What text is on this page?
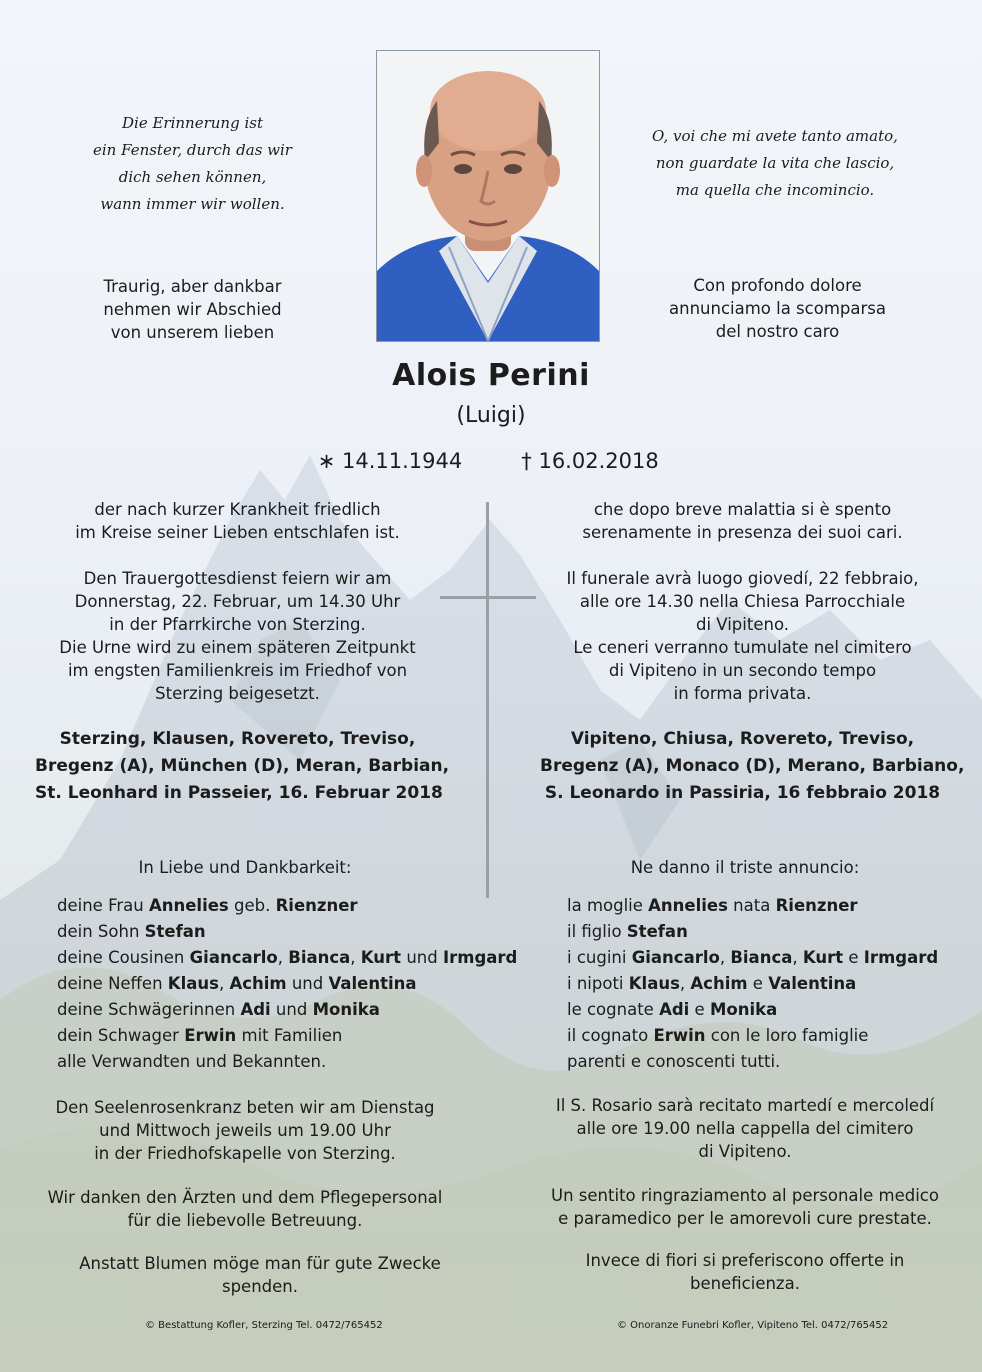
Die Erinnerung ist
ein Fenster, durch das wir
dich sehen können,
wann immer wir wollen.
O, voi che mi avete tanto amato,
non guardate la vita che lascio,
ma quella che incomincio.
Traurig, aber dankbar
nehmen wir Abschied
von unserem lieben
Con profondo dolore
annunciamo la scomparsa
del nostro caro
Alois Perini
(Luigi)
∗ 14.11.1944	† 16.02.2018
der nach kurzer Krankheit friedlich
im Kreise seiner Lieben entschlafen ist.
che dopo breve malattia si è spento
serenamente in presenza dei suoi cari.
Den Trauergottesdienst feiern wir am
Donnerstag, 22. Februar, um 14.30 Uhr
in der Pfarrkirche von Sterzing.
Die Urne wird zu einem späteren Zeitpunkt
im engsten Familienkreis im Friedhof von
Sterzing beigesetzt.
Il funerale avrà luogo giovedí, 22 febbraio,
alle ore 14.30 nella Chiesa Parrocchiale
di Vipiteno.
Le ceneri verranno tumulate nel cimitero
di Vipiteno in un secondo tempo
in forma privata.
Sterzing, Klausen, Rovereto, Treviso,
Bregenz (A), München (D), Meran, Barbian,
St. Leonhard in Passeier, 16. Februar 2018
Vipiteno, Chiusa, Rovereto, Treviso,
Bregenz (A), Monaco (D), Merano, Barbiano,
S. Leonardo in Passiria, 16 febbraio 2018
In Liebe und Dankbarkeit:	Ne danno il triste annuncio:
deine Frau Annelies geb. Rienzner
dein Sohn Stefan
deine Cousinen Giancarlo, Bianca, Kurt und Irmgard
deine Neffen Klaus, Achim und Valentina
deine Schwägerinnen Adi und Monika
dein Schwager Erwin mit Familien
alle Verwandten und Bekannten.
la moglie Annelies nata Rienzner
il figlio Stefan
i cugini Giancarlo, Bianca, Kurt e Irmgard
i nipoti Klaus, Achim e Valentina
le cognate Adi e Monika
il cognato Erwin con le loro famiglie
parenti e conoscenti tutti.
Den Seelenrosenkranz beten wir am Dienstag
und Mittwoch jeweils um 19.00 Uhr
in der Friedhofskapelle von Sterzing.
Il S. Rosario sarà recitato martedí e mercoledí
alle ore 19.00 nella cappella del cimitero
di Vipiteno.
Wir danken den Ärzten und dem Pflegepersonal
für die liebevolle Betreuung.
Un sentito ringraziamento al personale medico
e paramedico per le amorevoli cure prestate.
Anstatt Blumen möge man für gute Zwecke spenden.
Invece di fiori si preferiscono offerte in beneficienza.
© Bestattung Kofler, Sterzing Tel. 0472/765452	© Onoranze Funebri Kofler, Vipiteno Tel. 0472/765452
